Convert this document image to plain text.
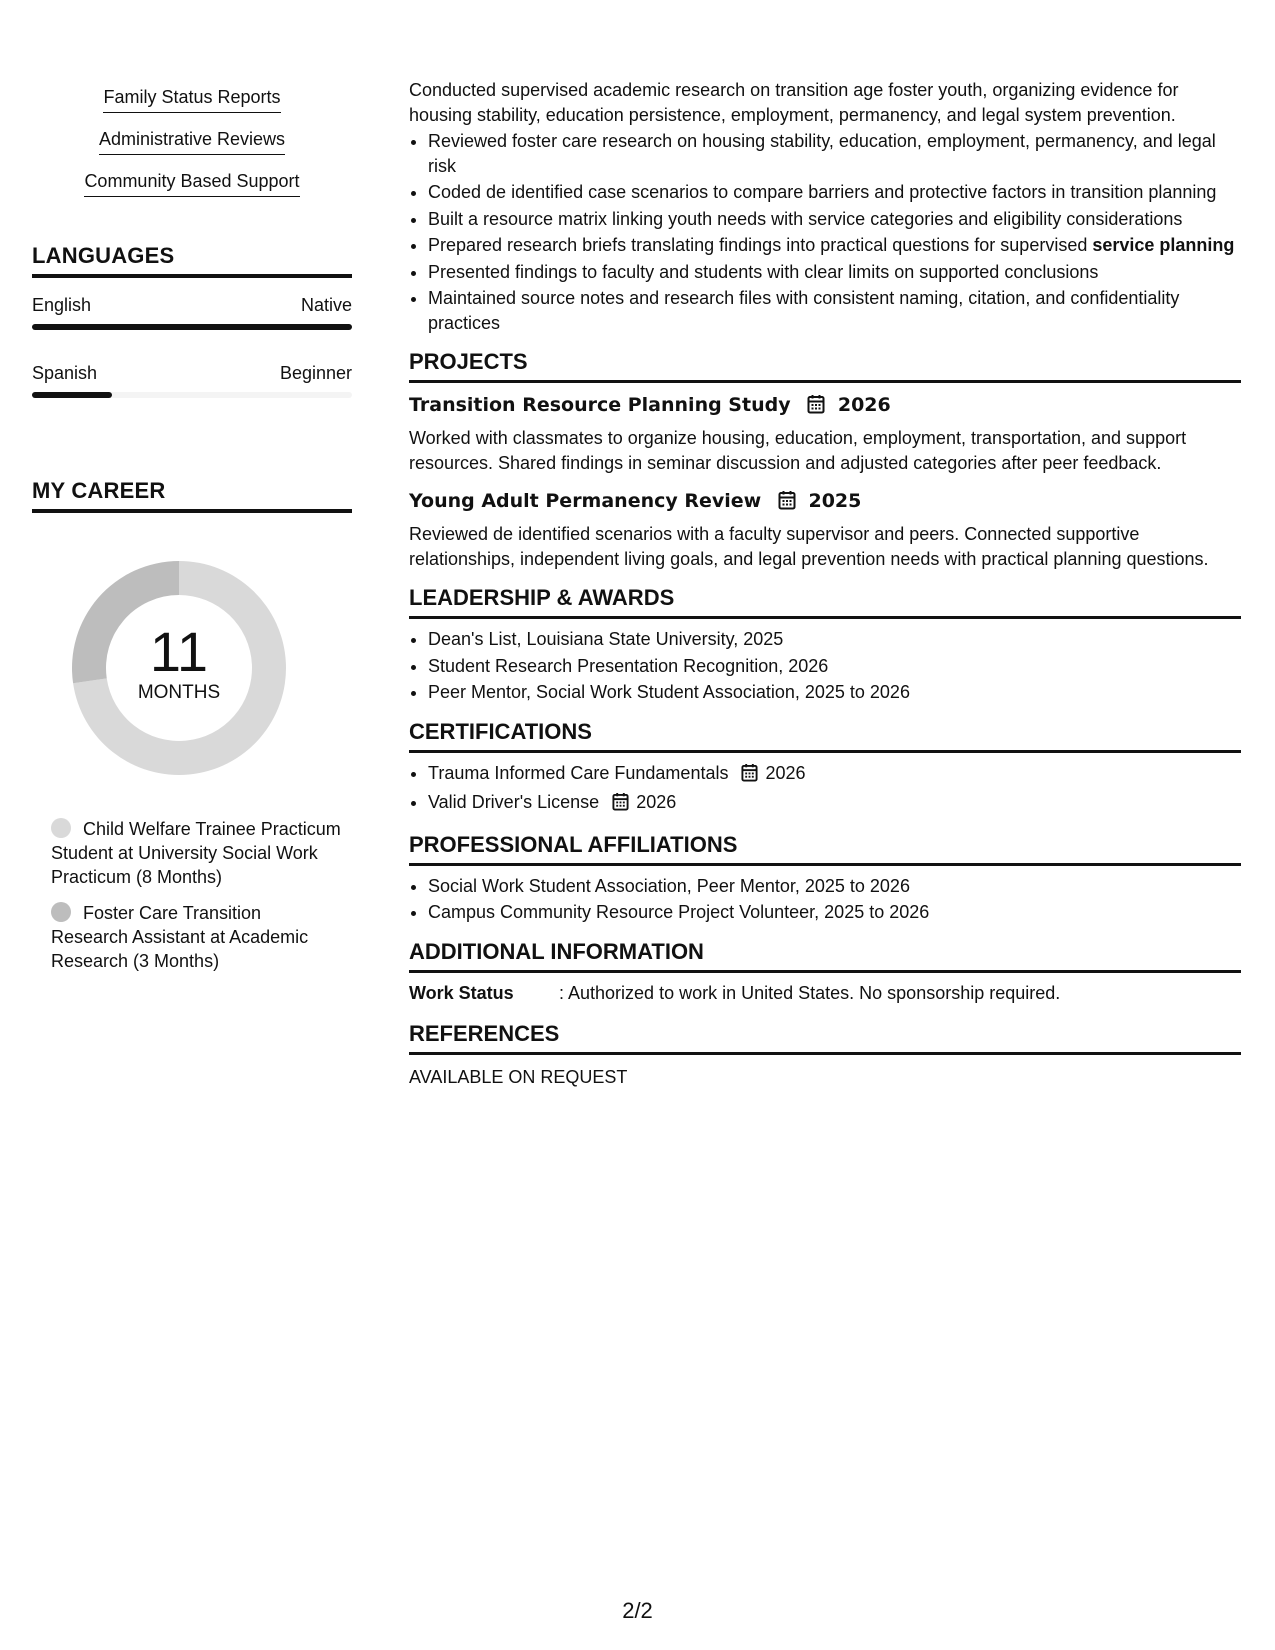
Family Status Reports
Administrative Reviews
Community Based Support
LANGUAGES
English	Native
Spanish	Beginner
MY CAREER
11
MONTHS
Child Welfare Trainee Practicum Student at University Social Work Practicum (8 Months)
Foster Care Transition Research Assistant at Academic Research (3 Months)

Conducted supervised academic research on transition age foster youth, organizing evidence for housing stability, education persistence, employment, permanency, and legal system prevention.

• Reviewed foster care research on housing stability, education, employment, permanency, and legal risk
• Coded de identified case scenarios to compare barriers and protective factors in transition planning
• Built a resource matrix linking youth needs with service categories and eligibility considerations
• Prepared research briefs translating findings into practical questions for supervised service planning
• Presented findings to faculty and students with clear limits on supported conclusions
• Maintained source notes and research files with consistent naming, citation, and confidentiality practices
PROJECTS
Transition Resource Planning Study 2026

Worked with classmates to organize housing, education, employment, transportation, and support resources. Shared findings in seminar discussion and adjusted categories after peer feedback.

Young Adult Permanency Review 2025

Reviewed de identified scenarios with a faculty supervisor and peers. Connected supportive relationships, independent living goals, and legal prevention needs with practical planning questions.

LEADERSHIP & AWARDS
• Dean's List, Louisiana State University, 2025
• Student Research Presentation Recognition, 2026
• Peer Mentor, Social Work Student Association, 2025 to 2026
CERTIFICATIONS
• Trauma Informed Care Fundamentals 2026
• Valid Driver's License 2026
PROFESSIONAL AFFILIATIONS
• Social Work Student Association, Peer Mentor, 2025 to 2026
• Campus Community Resource Project Volunteer, 2025 to 2026
ADDITIONAL INFORMATION
Work Status	: Authorized to work in United States. No sponsorship required.
REFERENCES
AVAILABLE ON REQUEST
2/2
